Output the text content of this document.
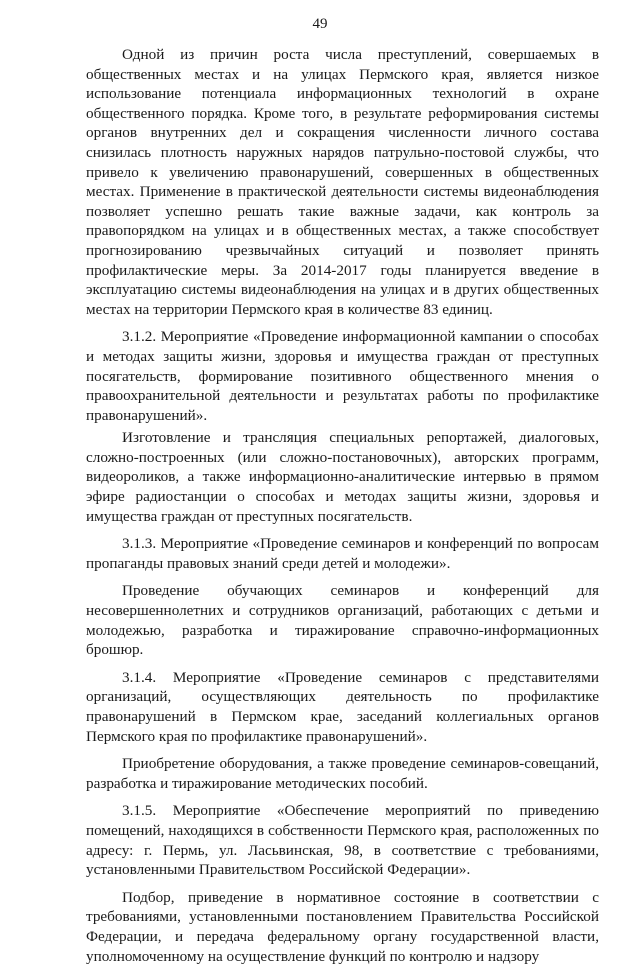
49

Одной из причин роста числа преступлений, совершаемых в общественных местах и на улицах Пермского края, является низкое использование потенциала информационных технологий в охране общественного порядка. Кроме того, в результате реформирования системы органов внутренних дел и сокращения численности личного состава снизилась плотность наружных нарядов патрульно-постовой службы, что привело к увеличению правонарушений, совершенных в общественных местах. Применение в практической деятельности системы видеонаблюдения позволяет успешно решать такие важные задачи, как контроль за правопорядком на улицах и в общественных местах, а также способствует прогнозированию чрезвычайных ситуаций и позволяет принять профилактические меры. За 2014-2017 годы планируется введение в эксплуатацию системы видеонаблюдения на улицах и в других общественных местах на территории Пермского края в количестве 83 единиц.

3.1.2. Мероприятие «Проведение информационной кампании о способах и методах защиты жизни, здоровья и имущества граждан от преступных посягательств, формирование позитивного общественного мнения о правоохранительной деятельности и результатах работы по профилактике правонарушений».

Изготовление и трансляция специальных репортажей, диалоговых, сложно-построенных (или сложно-постановочных), авторских программ, видеороликов, а также информационно-аналитические интервью в прямом эфире радиостанции о способах и методах защиты жизни, здоровья и имущества граждан от преступных посягательств.

3.1.3. Мероприятие «Проведение семинаров и конференций по вопросам пропаганды правовых знаний среди детей и молодежи».

Проведение обучающих семинаров и конференций для несовершеннолетних и сотрудников организаций, работающих с детьми и молодежью, разработка и тиражирование справочно-информационных брошюр.

3.1.4. Мероприятие «Проведение семинаров с представителями организаций, осуществляющих деятельность по профилактике правонарушений в Пермском крае, заседаний коллегиальных органов Пермского края по профилактике правонарушений».

Приобретение оборудования, а также проведение семинаров-совещаний, разработка и тиражирование методических пособий.

3.1.5. Мероприятие «Обеспечение мероприятий по приведению помещений, находящихся в собственности Пермского края, расположенных по адресу: г. Пермь, ул. Ласьвинская, 98, в соответствие с требованиями, установленными Правительством Российской Федерации».

Подбор, приведение в нормативное состояние в соответствии с требованиями, установленными постановлением Правительства Российской Федерации, и передача федеральному органу государственной власти, уполномоченному на осуществление функций по контролю и надзору
